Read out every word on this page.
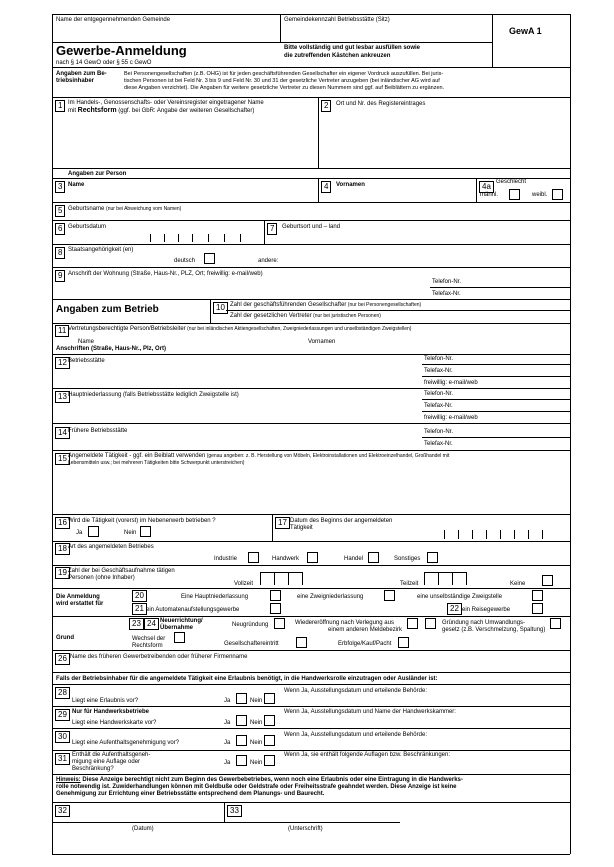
Name der entgegennehmenden Gemeinde	Gemeindekennzahl Betriebsstätte (Sitz)
GewA 1
Gewerbe-Anmeldung
nach § 14 GewO oder § 55 c GewO
Bitte vollständig und gut lesbar ausfüllen sowie
die zutreffenden Kästchen ankreuzen
Angaben zum Be-
triebsinhaber
Bei Personengesellschaften (z.B. OHG) ist für jeden geschäftsführenden Gesellschafter ein eigener Vordruck auszufüllen. Bei juris-
tischen Personen ist bei Feld Nr. 3 bis 9 und Feld Nr. 30 und 31 der gesetzliche Vertreter anzugeben (bei inländischer AG wird auf
diese Angaben verzichtet). Die Angaben für weitere gesetzliche Vertreter zu diesen Nummern sind ggf. auf Beiblättern zu ergänzen.
1 Im Handels-, Genossenschafts- oder Vereinsregister eingetragener Name
mit Rechtsform (ggf. bei GbR: Angabe der weiteren Gesellschafter)
2	Ort und Nr. des Registereintrages
Angaben zur Person
3 Name	4	Vornamen	4a Geschlecht
männl.	weibl.
5 Geburtsname (nur bei Abweichung vom Namen)
6 Geburtsdatum	7	Geburtsort und – land
8 Staatsangehörigkeit (en)
deutsch	andere:
9 Anschrift der Wohnung (Straße, Haus-Nr., PLZ, Ort; freiwillig: e-mail/web)
Telefon-Nr.
Telefax-Nr.
Angaben zum Betrieb	10 Zahl der geschäftsführenden Gesellschafter (nur bei Personengesellschaften)
Zahl der gesetzlichen Vertreter (nur bei juristischen Personen)
11 Vertretungsberechtigte Person/Betriebsleiter (nur bei inländischen Aktiengesellschaften, Zweigniederlassungen und unselbständigen Zweigstellen)
Name	Vornamen
Anschriften (Straße, Haus-Nr., Plz, Ort)
12 Betriebsstätte	Telefon-Nr.
Telefax-Nr.
freiwillig: e-mail/web
13 Hauptniederlassung (falls Betriebsstätte lediglich Zweigstelle ist)	Telefon-Nr.
Telefax-Nr.
freiwillig: e-mail/web
14 Frühere Betriebsstätte	Telefon-Nr.
Telefax-Nr.
15 Angemeldete Tätigkeit - ggf. ein Beiblatt verwenden (genau angeben: z. B. Herstellung von Möbeln, Elektroinstallationen und Elektroeinzelhandel, Großhandel mit
Lebensmitteln usw.; bei mehreren Tätigkeiten bitte Schwerpunkt unterstreichen)
16 Wird die Tätigkeit (vorerst) im Nebenerwerb betrieben ?
Ja	Nein
17 Datum des Beginns der angemeldeten
Tätigkeit
18 Art des angemeldeten Betriebes
Industrie	Handwerk	Handel	Sonstiges
19 Zahl der bei Geschäftsaufnahme tätigen
Personen (ohne Inhaber)
Vollzeit	Teilzeit	Keine
Die Anmeldung
wird erstattet für
20	Eine Hauptniederlassung	eine Zweigniederlassung	eine unselbständige Zweigstelle
21 ein Automatenaufstellungsgewerbe	22 ein Reisegewerbe
Grund
23 24 Neuerrichtung/
Übernahme	Neugründung	Wiedereröffnung nach Verlegung aus
einem anderen Meldebezirk
Gründung nach Umwandlungs-
gesetz (z.B. Verschmelzung, Spaltung)
Wechsel der
Rechtsform	Gesellschaftereintritt	Erbfolge/Kauf/Pacht
26 Name des früheren Gewerbetreibenden oder früherer Firmenname
Falls der Betriebsinhaber für die angemeldete Tätigkeit eine Erlaubnis benötigt, in die Handwerksrolle einzutragen oder Ausländer ist:
28
Liegt eine Erlaubnis vor?	Ja	Nein
Wenn Ja, Ausstellungsdatum und erteilende Behörde:
29 Nur für Handwerksbetriebe
Liegt eine Handwerkskarte vor?	Ja	Nein
Wenn Ja, Ausstellungsdatum und Name der Handwerkskammer:
30
Liegt eine Aufenthaltsgenehmigung vor?	Ja	Nein
Wenn Ja, Ausstellungsdatum und erteilende Behörde:
31 Enthält die Aufenthaltsgeneh-
migung eine Auflage oder
Beschränkung?
Ja	Nein
Wenn Ja, sie enthält folgende Auflagen bzw. Beschränkungen:
Hinweis: Diese Anzeige berechtigt nicht zum Beginn des Gewerbebetriebes, wenn noch eine Erlaubnis oder eine Eintragung in die Handwerks-
rolle notwendig ist. Zuwiderhandlungen können mit Geldbuße oder Geldstrafe oder Freiheitsstrafe geahndet werden. Diese Anzeige ist keine
Genehmigung zur Errichtung einer Betriebsstätte entsprechend dem Planungs- und Baurecht.
32	33
(Datum)	(Unterschrift)
